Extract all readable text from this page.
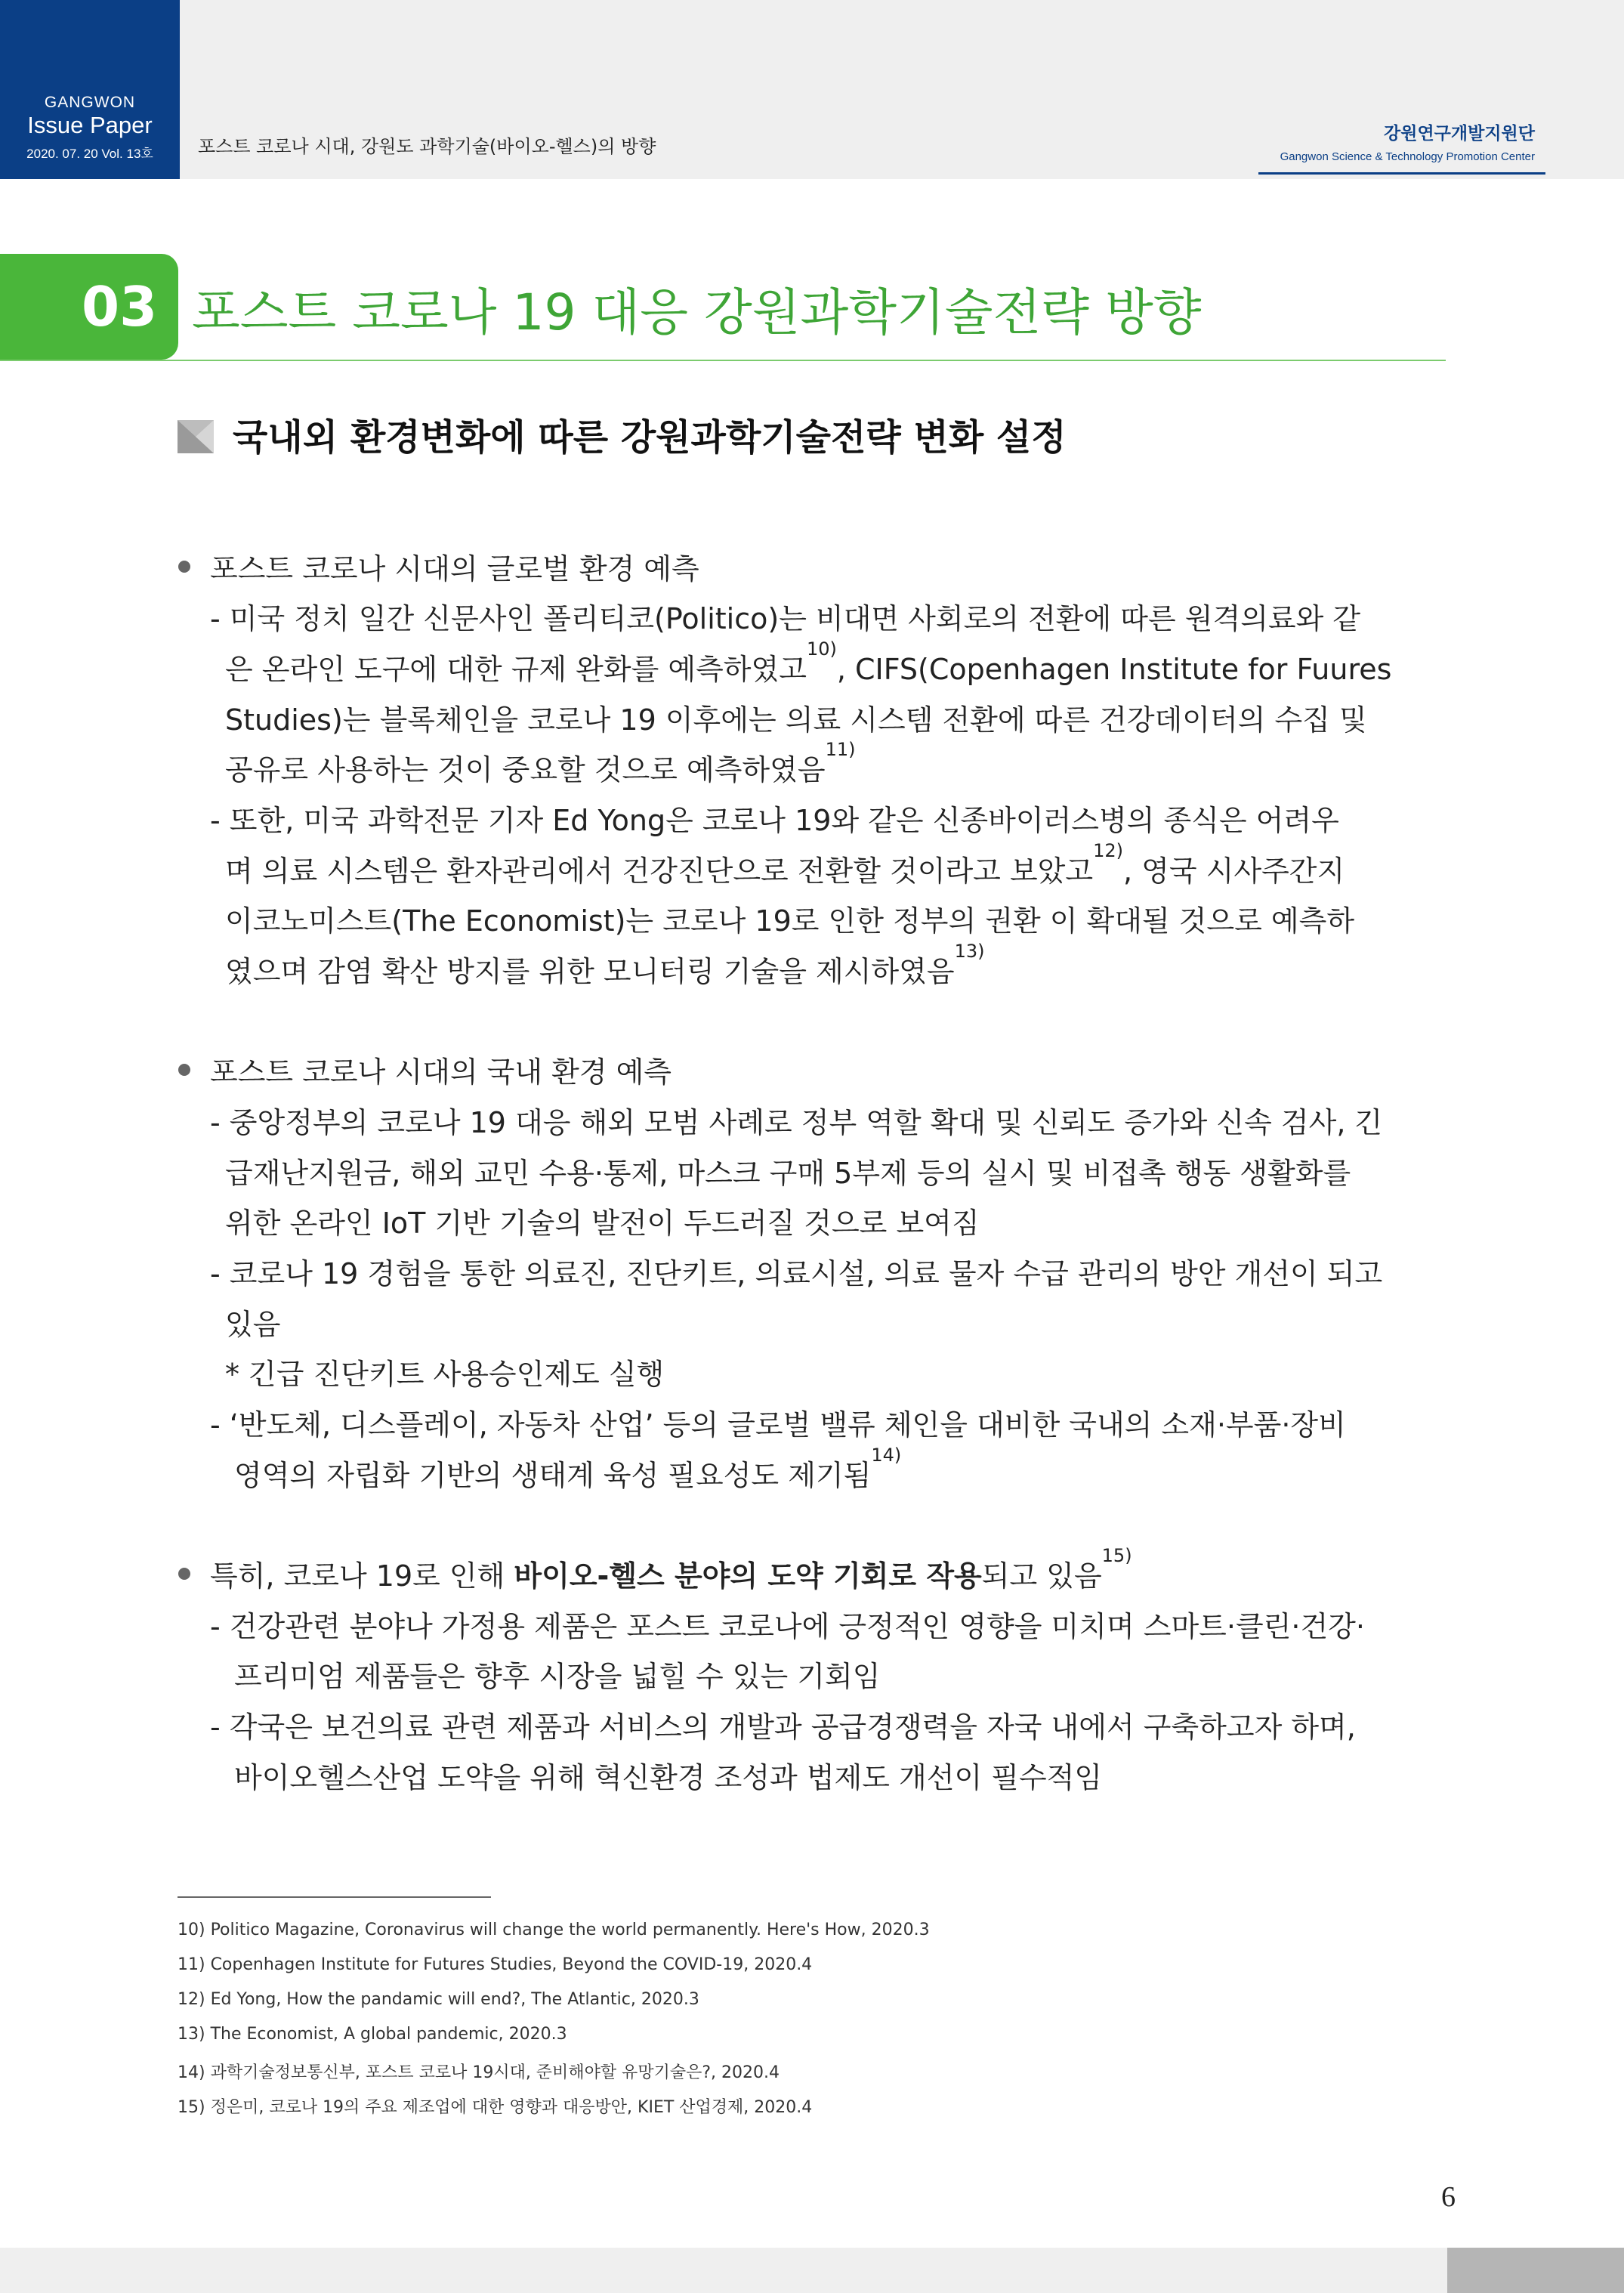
GANGWON
Issue Paper
2020. 07. 20 Vol. 13호	포스트 코로나 시대, 강원도 과학기술(바이오-헬스)의 방향
강원연구개발지원단
Gangwon Science & Technology Promotion Center
03 포스트 코로나 19 대응 강원과학기술전략 방향
국내외 환경변화에 따른 강원과학기술전략 변화 설정
포스트 코로나 시대의 글로벌 환경 예측
- 미국 정치 일간 신문사인 폴리티코(Politico)는 비대면 사회로의 전환에 따른 원격의료와 같
은 온라인 도구에 대한 규제 완화를 예측하였고$^{10)}$, CIFS(Copenhagen Institute for Fuures
Studies)는 블록체인을 코로나 19 이후에는 의료 시스템 전환에 따른 건강데이터의 수집 및
공유로 사용하는 것이 중요할 것으로 예측하였음$^{11)}$
- 또한, 미국 과학전문 기자 Ed Yong은 코로나 19와 같은 신종바이러스병의 종식은 어려우
며 의료 시스템은 환자관리에서 건강진단으로 전환할 것이라고 보았고$^{12)}$, 영국 시사주간지
이코노미스트(The Economist)는 코로나 19로 인한 정부의 권환 이 확대될 것으로 예측하
였으며 감염 확산 방지를 위한 모니터링 기술을 제시하였음$^{13)}$
포스트 코로나 시대의 국내 환경 예측
- 중앙정부의 코로나 19 대응 해외 모범 사례로 정부 역할 확대 및 신뢰도 증가와 신속 검사, 긴
급재난지원금, 해외 교민 수용·통제, 마스크 구매 5부제 등의 실시 및 비접촉 행동 생활화를
위한 온라인 IoT 기반 기술의 발전이 두드러질 것으로 보여짐
- 코로나 19 경험을 통한 의료진, 진단키트, 의료시설, 의료 물자 수급 관리의 방안 개선이 되고
있음
* 긴급 진단키트 사용승인제도 실행
- ‘반도체, 디스플레이, 자동차 산업’ 등의 글로벌 밸류 체인을 대비한 국내의 소재·부품·장비
영역의 자립화 기반의 생태계 육성 필요성도 제기됨$^{14)}$
특히, 코로나 19로 인해 바이오-헬스 분야의 도약 기회로 작용되고 있음$^{15)}$
- 건강관련 분야나 가정용 제품은 포스트 코로나에 긍정적인 영향을 미치며 스마트·클린·건강·
프리미엄 제품들은 향후 시장을 넓힐 수 있는 기회임
- 각국은 보건의료 관련 제품과 서비스의 개발과 공급경쟁력을 자국 내에서 구축하고자 하며,
바이오헬스산업 도약을 위해 혁신환경 조성과 법제도 개선이 필수적임
10) Politico Magazine, Coronavirus will change the world permanently. Here's How, 2020.3
11) Copenhagen Institute for Futures Studies, Beyond the COVID-19, 2020.4
12) Ed Yong, How the pandamic will end?, The Atlantic, 2020.3
13) The Economist, A global pandemic, 2020.3
14) 과학기술정보통신부, 포스트 코로나 19시대, 준비해야할 유망기술은?, 2020.4
15) 정은미, 코로나 19의 주요 제조업에 대한 영향과 대응방안, KIET 산업경제, 2020.4
6
